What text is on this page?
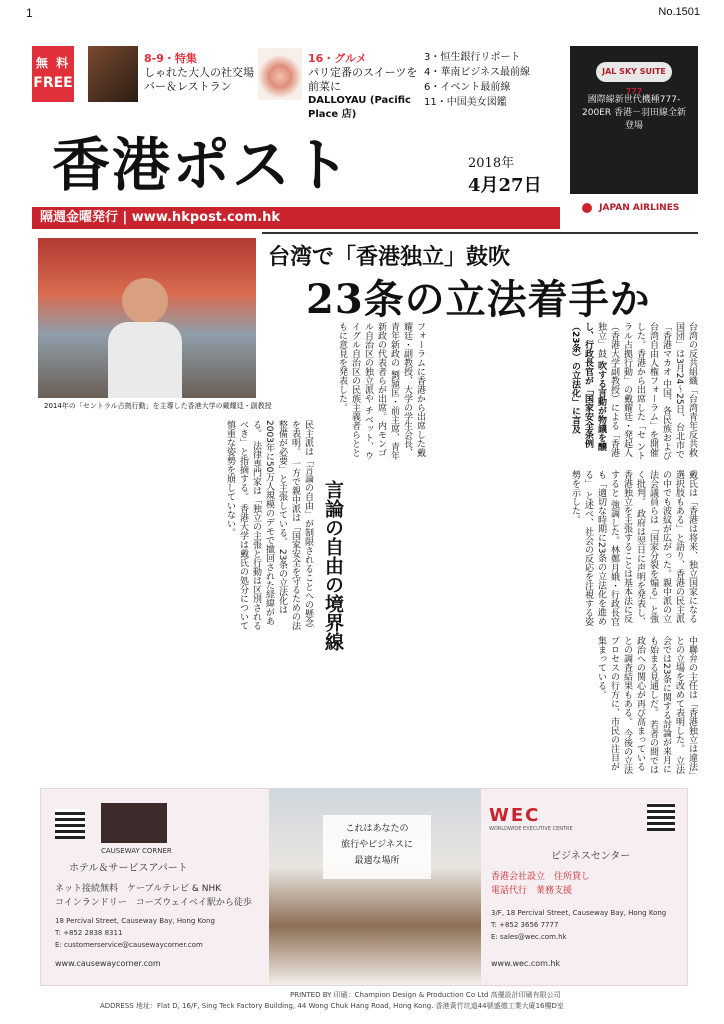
1	No.1501
無 料
FREE
8-9・特集
しゃれた大人の社交場
バー＆レストラン
16・グルメ
パリ定番のスイーツを前菜に
DALLOYAU (Pacific Place 店)
3・恒生銀行リポート
4・華南ビジネス最前線
6・イベント最前線
11・中国美女図鑑
JAL SKY SUITE 777
國際線新世代機種777-200ER 香港－羽田線全新登場
JAPAN AIRLINES
香港ポスト	2018年
4月27日
隔週金曜発行 | www.hkpost.com.hk
2014年の「セントラル占拠行動」を主導した香港大学の戴耀廷・副教授
台湾で「香港独立」鼓吹
23条の立法着手か
台湾の反共組織「台湾青年反共救国団」は3月24～25日、台北市で「香港マカオ 中国、各民族および台湾自由人権フォーラム」を開催した。香港から出席した「セ ントラル占拠行動」の戴耀廷・発起人（香港大学副教授）による「香港独立」鼓 吹する言動が物議を醸し、行政長官が「国家安全条例（23条）の立法化」に言及
フォーラムに香港から出席した戴耀廷・副教授、大学の学生会長、青年新政の 劉頴匡・前主席、青年新政の代表者らが出席。内モンゴル自治区の独立派や チベット、ウイグル自治区の民族主義者らとともに意見を発表した。
戴氏は「香港は将来、独立国家になる選択肢もある」と語り、香港の民主派 の中でも波紋が広がった。親中派の立法会議員らは「国家分裂を煽る」と強く批判。 政府は翌日に声明を発表し、香港独立を主張することは基本法に反すると 強調した。林鄭月娥・行政長官も「適切な時期に23条の立法化を進める」 と述べ、社会の反応を注視する姿勢を示した。
言論の自由の境界線
民主派は「言論の自由」が制限されることへの懸念を表明。 一方で親中派は「国家安全を守るための法整備が必要」と主張している。 23条の立法化は2003年に50万人規模のデモで撤回された経緯がある。 法律専門家は「独立の主張と行動は区別されるべき」と指摘する。 香港大学は戴氏の処分について慎重な姿勢を崩していない。
中聯弁の主任は「香港独立は違法」との立場を改めて表明した。 立法会では23条に関する討論が来月にも始まる見通しだ。 若者の間では政治への関心が再び高まっているとの調査結果もある。 今後の立法プロセスの行方に、市民の注目が集まっている。
CAUSEWAY CORNER
ホテル＆サービスアパート
ネット接続無料　ケーブルテレビ & NHK
コインランドリー　コーズウェイベイ駅から徒歩
18 Percival Street, Causeway Bay, Hong Kong
T: +852 2838 8311
E: customerservice@causewaycorner.com
www.causewaycorner.com
これはあなたの
旅行やビジネスに
最適な場所
WEC
WORLDWIDE EXECUTIVE CENTRE
ビジネスセンター
香港会社設立　住所貸し
電話代行　業務支援
3/F, 18 Percival Street, Causeway Bay, Hong Kong
T: +852 3656 7777
E: sales@wec.com.hk
www.wec.com.hk
PRINTED BY 印刷：Champion Design & Production Co Ltd 高優設計印刷有限公司
ADDRESS 地址：Flat D, 16/F, Sing Teck Factory Building, 44 Wong Chuk Hang Road, Hong Kong. 香港黃竹坑道44號盛德工業大廈16樓D室
